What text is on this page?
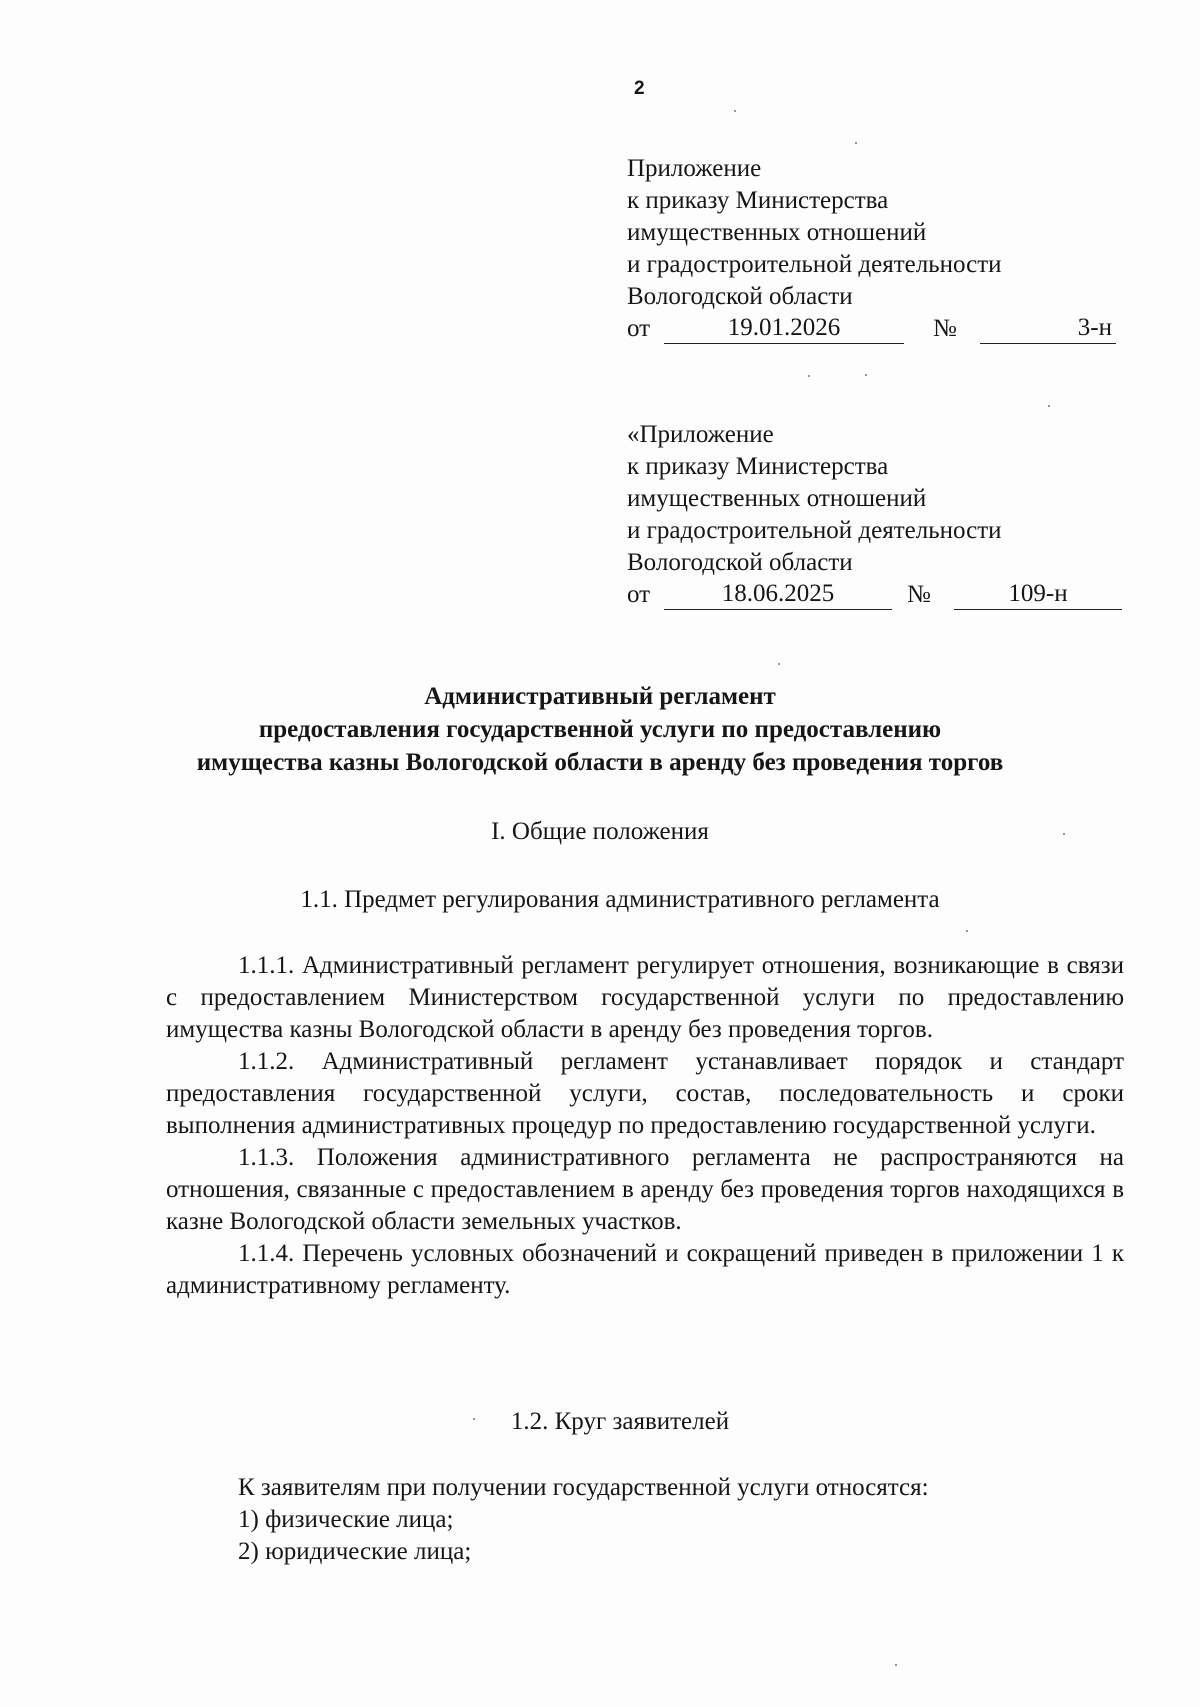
2
Приложение
к приказу Министерства
имущественных отношений
и градостроительной деятельности
Вологодской области
от	19.01.2026	№	3-н
«Приложение
к приказу Министерства
имущественных отношений
и градостроительной деятельности
Вологодской области
от	18.06.2025	№	109-н
Административный регламент
предоставления государственной услуги по предоставлению
имущества казны Вологодской области в аренду без проведения торгов
I. Общие положения
1.1. Предмет регулирования административного регламента

1.1.1. Административный регламент регулирует отношения, возникающие в связи с предоставлением Министерством государственной услуги по предоставлению имущества казны Вологодской области в аренду без проведения торгов.

1.1.2. Административный регламент устанавливает порядок и стандарт предоставления государственной услуги, состав, последовательность и сроки выполнения административных процедур по предоставлению государственной услуги.

1.1.3. Положения административного регламента не распространяются на отношения, связанные с предоставлением в аренду без проведения торгов находящихся в казне Вологодской области земельных участков.

1.1.4. Перечень условных обозначений и сокращений приведен в приложении 1 к административному регламенту.

1.2. Круг заявителей

К заявителям при получении государственной услуги относятся:

1) физические лица;

2) юридические лица;
